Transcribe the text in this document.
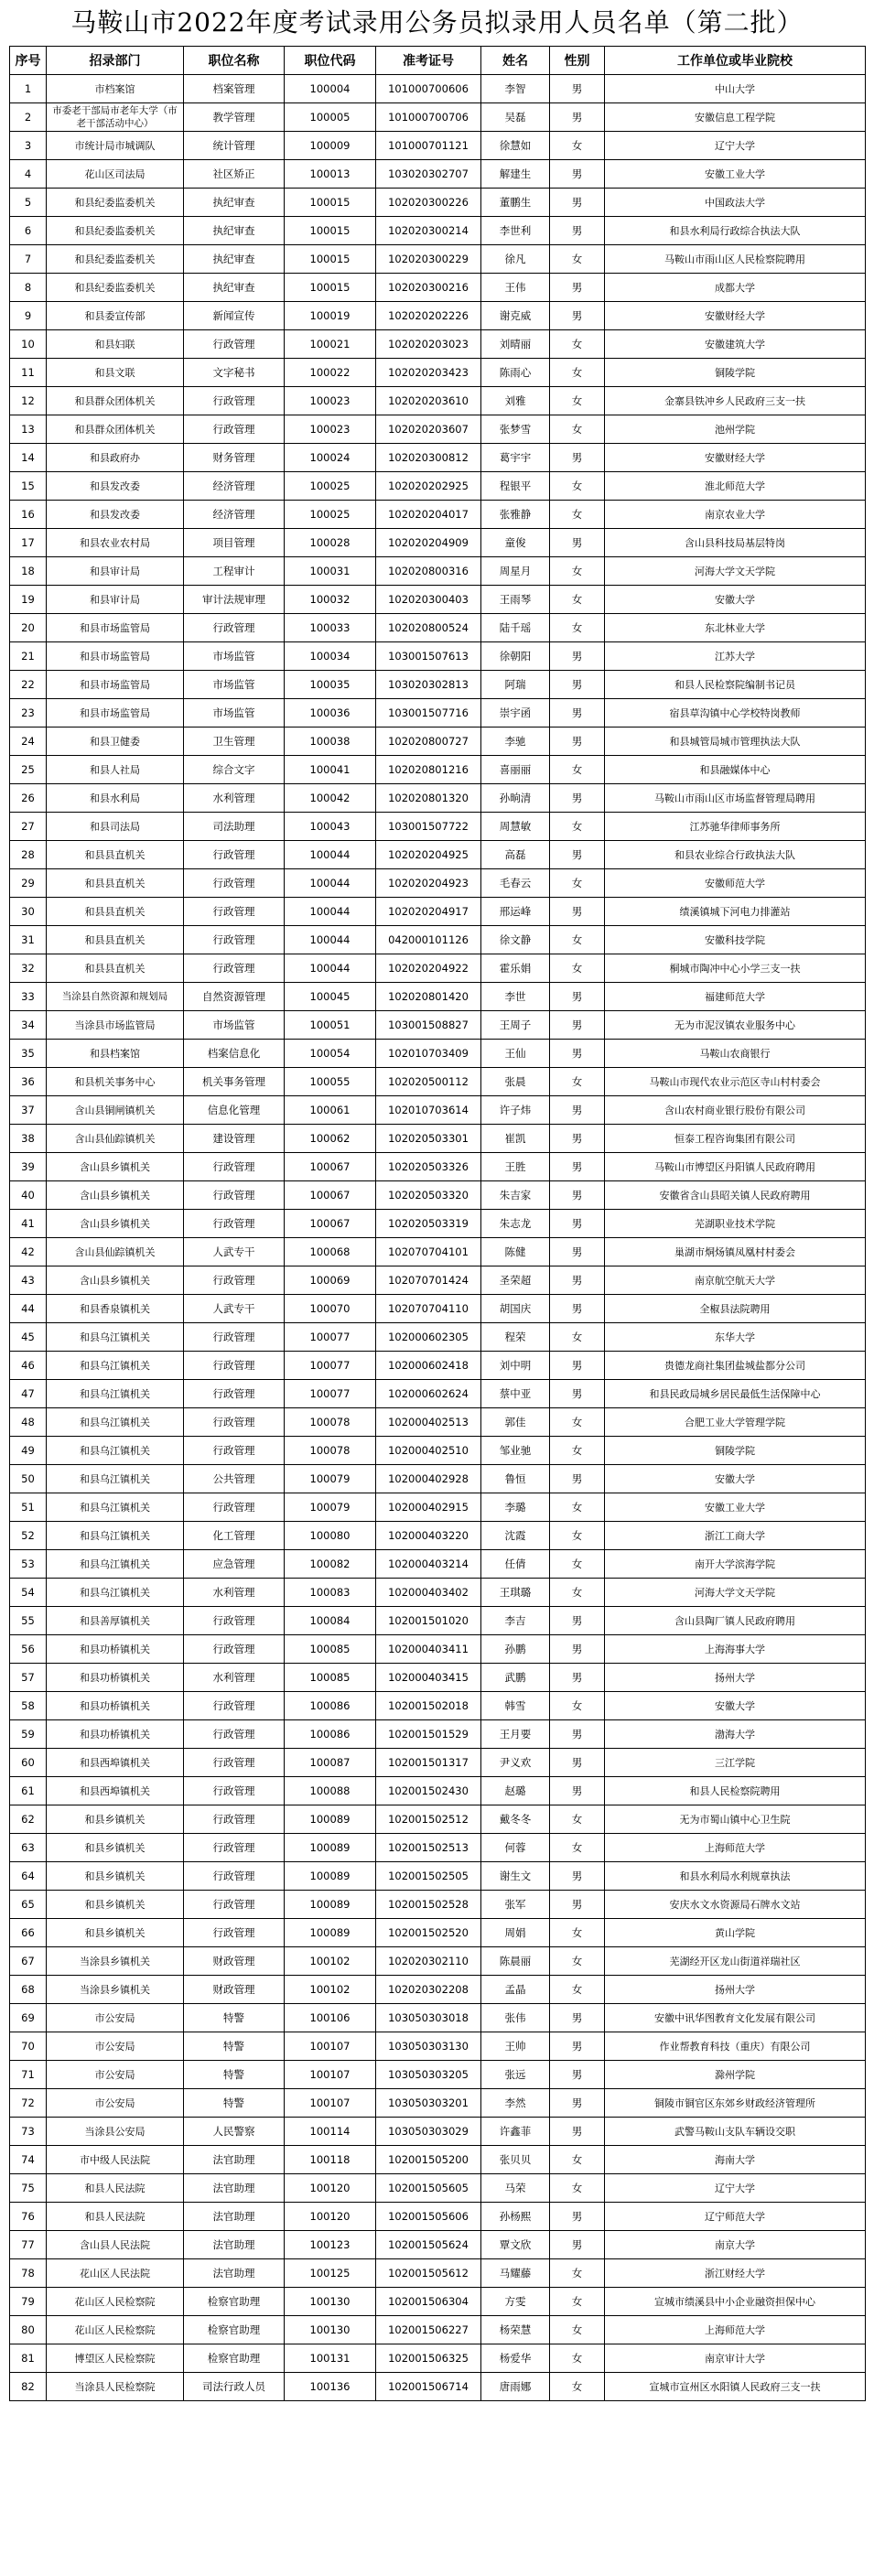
马鞍山市2022年度考试录用公务员拟录用人员名单（第二批）
序号	招录部门	职位名称	职位代码	准考证号	姓名	性别	工作单位或毕业院校
1	市档案馆	档案管理	100004	101000700606	李智	男	中山大学
2	市委老干部局市老年大学（市老干部活动中心）	教学管理	100005	101000700706	吴磊	男	安徽信息工程学院
3	市统计局市城调队	统计管理	100009	101000701121	徐慧如	女	辽宁大学
4	花山区司法局	社区矫正	100013	103020302707	解建生	男	安徽工业大学
5	和县纪委监委机关	执纪审查	100015	102020300226	董鹏生	男	中国政法大学
6	和县纪委监委机关	执纪审查	100015	102020300214	李世利	男	和县水利局行政综合执法大队
7	和县纪委监委机关	执纪审查	100015	102020300229	徐凡	女	马鞍山市雨山区人民检察院聘用
8	和县纪委监委机关	执纪审查	100015	102020300216	王伟	男	成都大学
9	和县委宣传部	新闻宣传	100019	102020202226	谢克威	男	安徽财经大学
10	和县妇联	行政管理	100021	102020203023	刘晴丽	女	安徽建筑大学
11	和县文联	文字秘书	100022	102020203423	陈雨心	女	铜陵学院
12	和县群众团体机关	行政管理	100023	102020203610	刘雅	女	金寨县铁冲乡人民政府三支一扶
13	和县群众团体机关	行政管理	100023	102020203607	张梦雪	女	池州学院
14	和县政府办	财务管理	100024	102020300812	葛宇宇	男	安徽财经大学
15	和县发改委	经济管理	100025	102020202925	程银平	女	淮北师范大学
16	和县发改委	经济管理	100025	102020204017	张雅静	女	南京农业大学
17	和县农业农村局	项目管理	100028	102020204909	童俊	男	含山县科技局基层特岗
18	和县审计局	工程审计	100031	102020800316	周星月	女	河海大学文天学院
19	和县审计局	审计法规审理	100032	102020300403	王雨琴	女	安徽大学
20	和县市场监管局	行政管理	100033	102020800524	陆千瑶	女	东北林业大学
21	和县市场监管局	市场监管	100034	103001507613	徐朝阳	男	江苏大学
22	和县市场监管局	市场监管	100035	103020302813	阿瑞	男	和县人民检察院编制书记员
23	和县市场监管局	市场监管	100036	103001507716	崇宇函	男	宿县草沟镇中心学校特岗教师
24	和县卫健委	卫生管理	100038	102020800727	李驰	男	和县城管局城市管理执法大队
25	和县人社局	综合文字	100041	102020801216	喜丽丽	女	和县融媒体中心
26	和县水利局	水利管理	100042	102020801320	孙晌清	男	马鞍山市雨山区市场监督管理局聘用
27	和县司法局	司法助理	100043	103001507722	周慧敏	女	江苏驰华律师事务所
28	和县县直机关	行政管理	100044	102020204925	高磊	男	和县农业综合行政执法大队
29	和县县直机关	行政管理	100044	102020204923	毛春云	女	安徽师范大学
30	和县县直机关	行政管理	100044	102020204917	邢运峰	男	绩溪镇城下河电力排灌站
31	和县县直机关	行政管理	100044	042000101126	徐文静	女	安徽科技学院
32	和县县直机关	行政管理	100044	102020204922	霍乐娟	女	桐城市陶冲中心小学三支一扶
33	当涂县自然资源和规划局	自然资源管理	100045	102020801420	李世	男	福建师范大学
34	当涂县市场监管局	市场监管	100051	103001508827	王周子	男	无为市泥汊镇农业服务中心
35	和县档案馆	档案信息化	100054	102010703409	王仙	男	马鞍山农商银行
36	和县机关事务中心	机关事务管理	100055	102020500112	张晨	女	马鞍山市现代农业示范区寺山村村委会
37	含山县铜闸镇机关	信息化管理	100061	102010703614	许子炜	男	含山农村商业银行股份有限公司
38	含山县仙踪镇机关	建设管理	100062	102020503301	崔凯	男	恒泰工程咨询集团有限公司
39	含山县乡镇机关	行政管理	100067	102020503326	王胜	男	马鞍山市博望区丹阳镇人民政府聘用
40	含山县乡镇机关	行政管理	100067	102020503320	朱吉家	男	安徽省含山县昭关镇人民政府聘用
41	含山县乡镇机关	行政管理	100067	102020503319	朱志龙	男	芜湖职业技术学院
42	含山县仙踪镇机关	人武专干	100068	102070704101	陈健	男	巢湖市烔炀镇凤凰村村委会
43	含山县乡镇机关	行政管理	100069	102070701424	圣荣超	男	南京航空航天大学
44	和县香泉镇机关	人武专干	100070	102070704110	胡国庆	男	全椒县法院聘用
45	和县乌江镇机关	行政管理	100077	102000602305	程荣	女	东华大学
46	和县乌江镇机关	行政管理	100077	102000602418	刘中明	男	贵德龙商社集团盐城盐都分公司
47	和县乌江镇机关	行政管理	100077	102000602624	蔡中亚	男	和县民政局城乡居民最低生活保障中心
48	和县乌江镇机关	行政管理	100078	102000402513	郭佳	女	合肥工业大学管理学院
49	和县乌江镇机关	行政管理	100078	102000402510	邹业驰	女	铜陵学院
50	和县乌江镇机关	公共管理	100079	102000402928	鲁恒	男	安徽大学
51	和县乌江镇机关	行政管理	100079	102000402915	李璐	女	安徽工业大学
52	和县乌江镇机关	化工管理	100080	102000403220	沈霞	女	浙江工商大学
53	和县乌江镇机关	应急管理	100082	102000403214	任倩	女	南开大学滨海学院
54	和县乌江镇机关	水利管理	100083	102000403402	王琪璐	女	河海大学文天学院
55	和县善厚镇机关	行政管理	100084	102001501020	李吉	男	含山县陶厂镇人民政府聘用
56	和县功桥镇机关	行政管理	100085	102000403411	孙鹏	男	上海海事大学
57	和县功桥镇机关	水利管理	100085	102000403415	武鹏	男	扬州大学
58	和县功桥镇机关	行政管理	100086	102001502018	韩雪	女	安徽大学
59	和县功桥镇机关	行政管理	100086	102001501529	王月要	男	渤海大学
60	和县西埠镇机关	行政管理	100087	102001501317	尹义欢	男	三江学院
61	和县西埠镇机关	行政管理	100088	102001502430	赵璐	男	和县人民检察院聘用
62	和县乡镇机关	行政管理	100089	102001502512	戴冬冬	女	无为市蜀山镇中心卫生院
63	和县乡镇机关	行政管理	100089	102001502513	何蓉	女	上海师范大学
64	和县乡镇机关	行政管理	100089	102001502505	谢生文	男	和县水利局水利规章执法
65	和县乡镇机关	行政管理	100089	102001502528	张军	男	安庆水文水资源局石牌水文站
66	和县乡镇机关	行政管理	100089	102001502520	周娟	女	黄山学院
67	当涂县乡镇机关	财政管理	100102	102020302110	陈晨丽	女	芜湖经开区龙山街道祥瑞社区
68	当涂县乡镇机关	财政管理	100102	102020302208	孟晶	女	扬州大学
69	市公安局	特警	100106	103050303018	张伟	男	安徽中讯华图教育文化发展有限公司
70	市公安局	特警	100107	103050303130	王帅	男	作业帮教育科技（重庆）有限公司
71	市公安局	特警	100107	103050303205	张远	男	滁州学院
72	市公安局	特警	100107	103050303201	李然	男	铜陵市铜官区东郊乡财政经济管理所
73	当涂县公安局	人民警察	100114	103050303029	许鑫菲	男	武警马鞍山支队车辆设交职
74	市中级人民法院	法官助理	100118	102001505200	张贝贝	女	海南大学
75	和县人民法院	法官助理	100120	102001505605	马荣	女	辽宁大学
76	和县人民法院	法官助理	100120	102001505606	孙杨熙	男	辽宁师范大学
77	含山县人民法院	法官助理	100123	102001505624	覃文欣	男	南京大学
78	花山区人民法院	法官助理	100125	102001505612	马耀藤	女	浙江财经大学
79	花山区人民检察院	检察官助理	100130	102001506304	方雯	女	宣城市绩溪县中小企业融资担保中心
80	花山区人民检察院	检察官助理	100130	102001506227	杨荣慧	女	上海师范大学
81	博望区人民检察院	检察官助理	100131	102001506325	杨爱华	女	南京审计大学
82	当涂县人民检察院	司法行政人员	100136	102001506714	唐雨娜	女	宣城市宣州区水阳镇人民政府三支一扶
